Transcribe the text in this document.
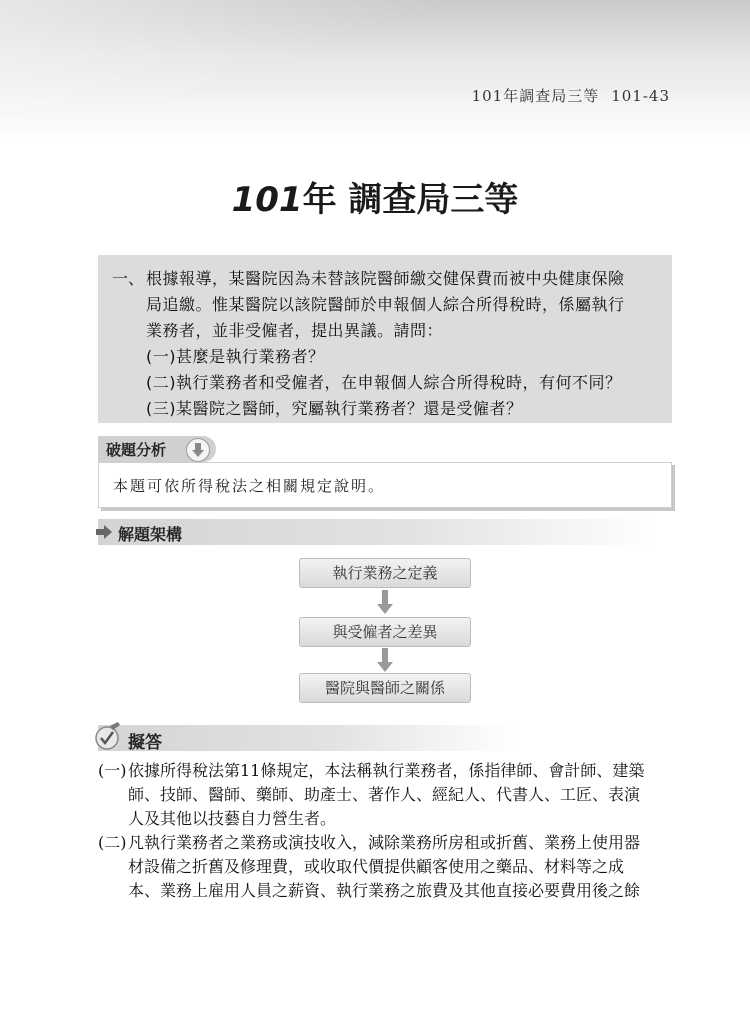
101年調查局三等 101-43
101年 調查局三等
一、 根據報導，某醫院因為未替該院醫師繳交健保費而被中央健康保險
局追繳。惟某醫院以該院醫師於申報個人綜合所得稅時，係屬執行
業務者，並非受僱者，提出異議。請問：
(一)甚麼是執行業務者？
(二)執行業務者和受僱者，在申報個人綜合所得稅時，有何不同？
(三)某醫院之醫師，究屬執行業務者？還是受僱者？
破題分析
本題可依所得稅法之相關規定說明。
解題架構
執行業務之定義
與受僱者之差異
醫院與醫師之關係
擬答
(一) 依據所得稅法第11條規定，本法稱執行業務者，係指律師、會計師、建築
師、技師、醫師、藥師、助產士、著作人、經紀人、代書人、工匠、表演
人及其他以技藝自力營生者。
(二) 凡執行業務者之業務或演技收入，減除業務所房租或折舊、業務上使用器
材設備之折舊及修理費，或收取代價提供顧客使用之藥品、材料等之成
本、業務上雇用人員之薪資、執行業務之旅費及其他直接必要費用後之餘
